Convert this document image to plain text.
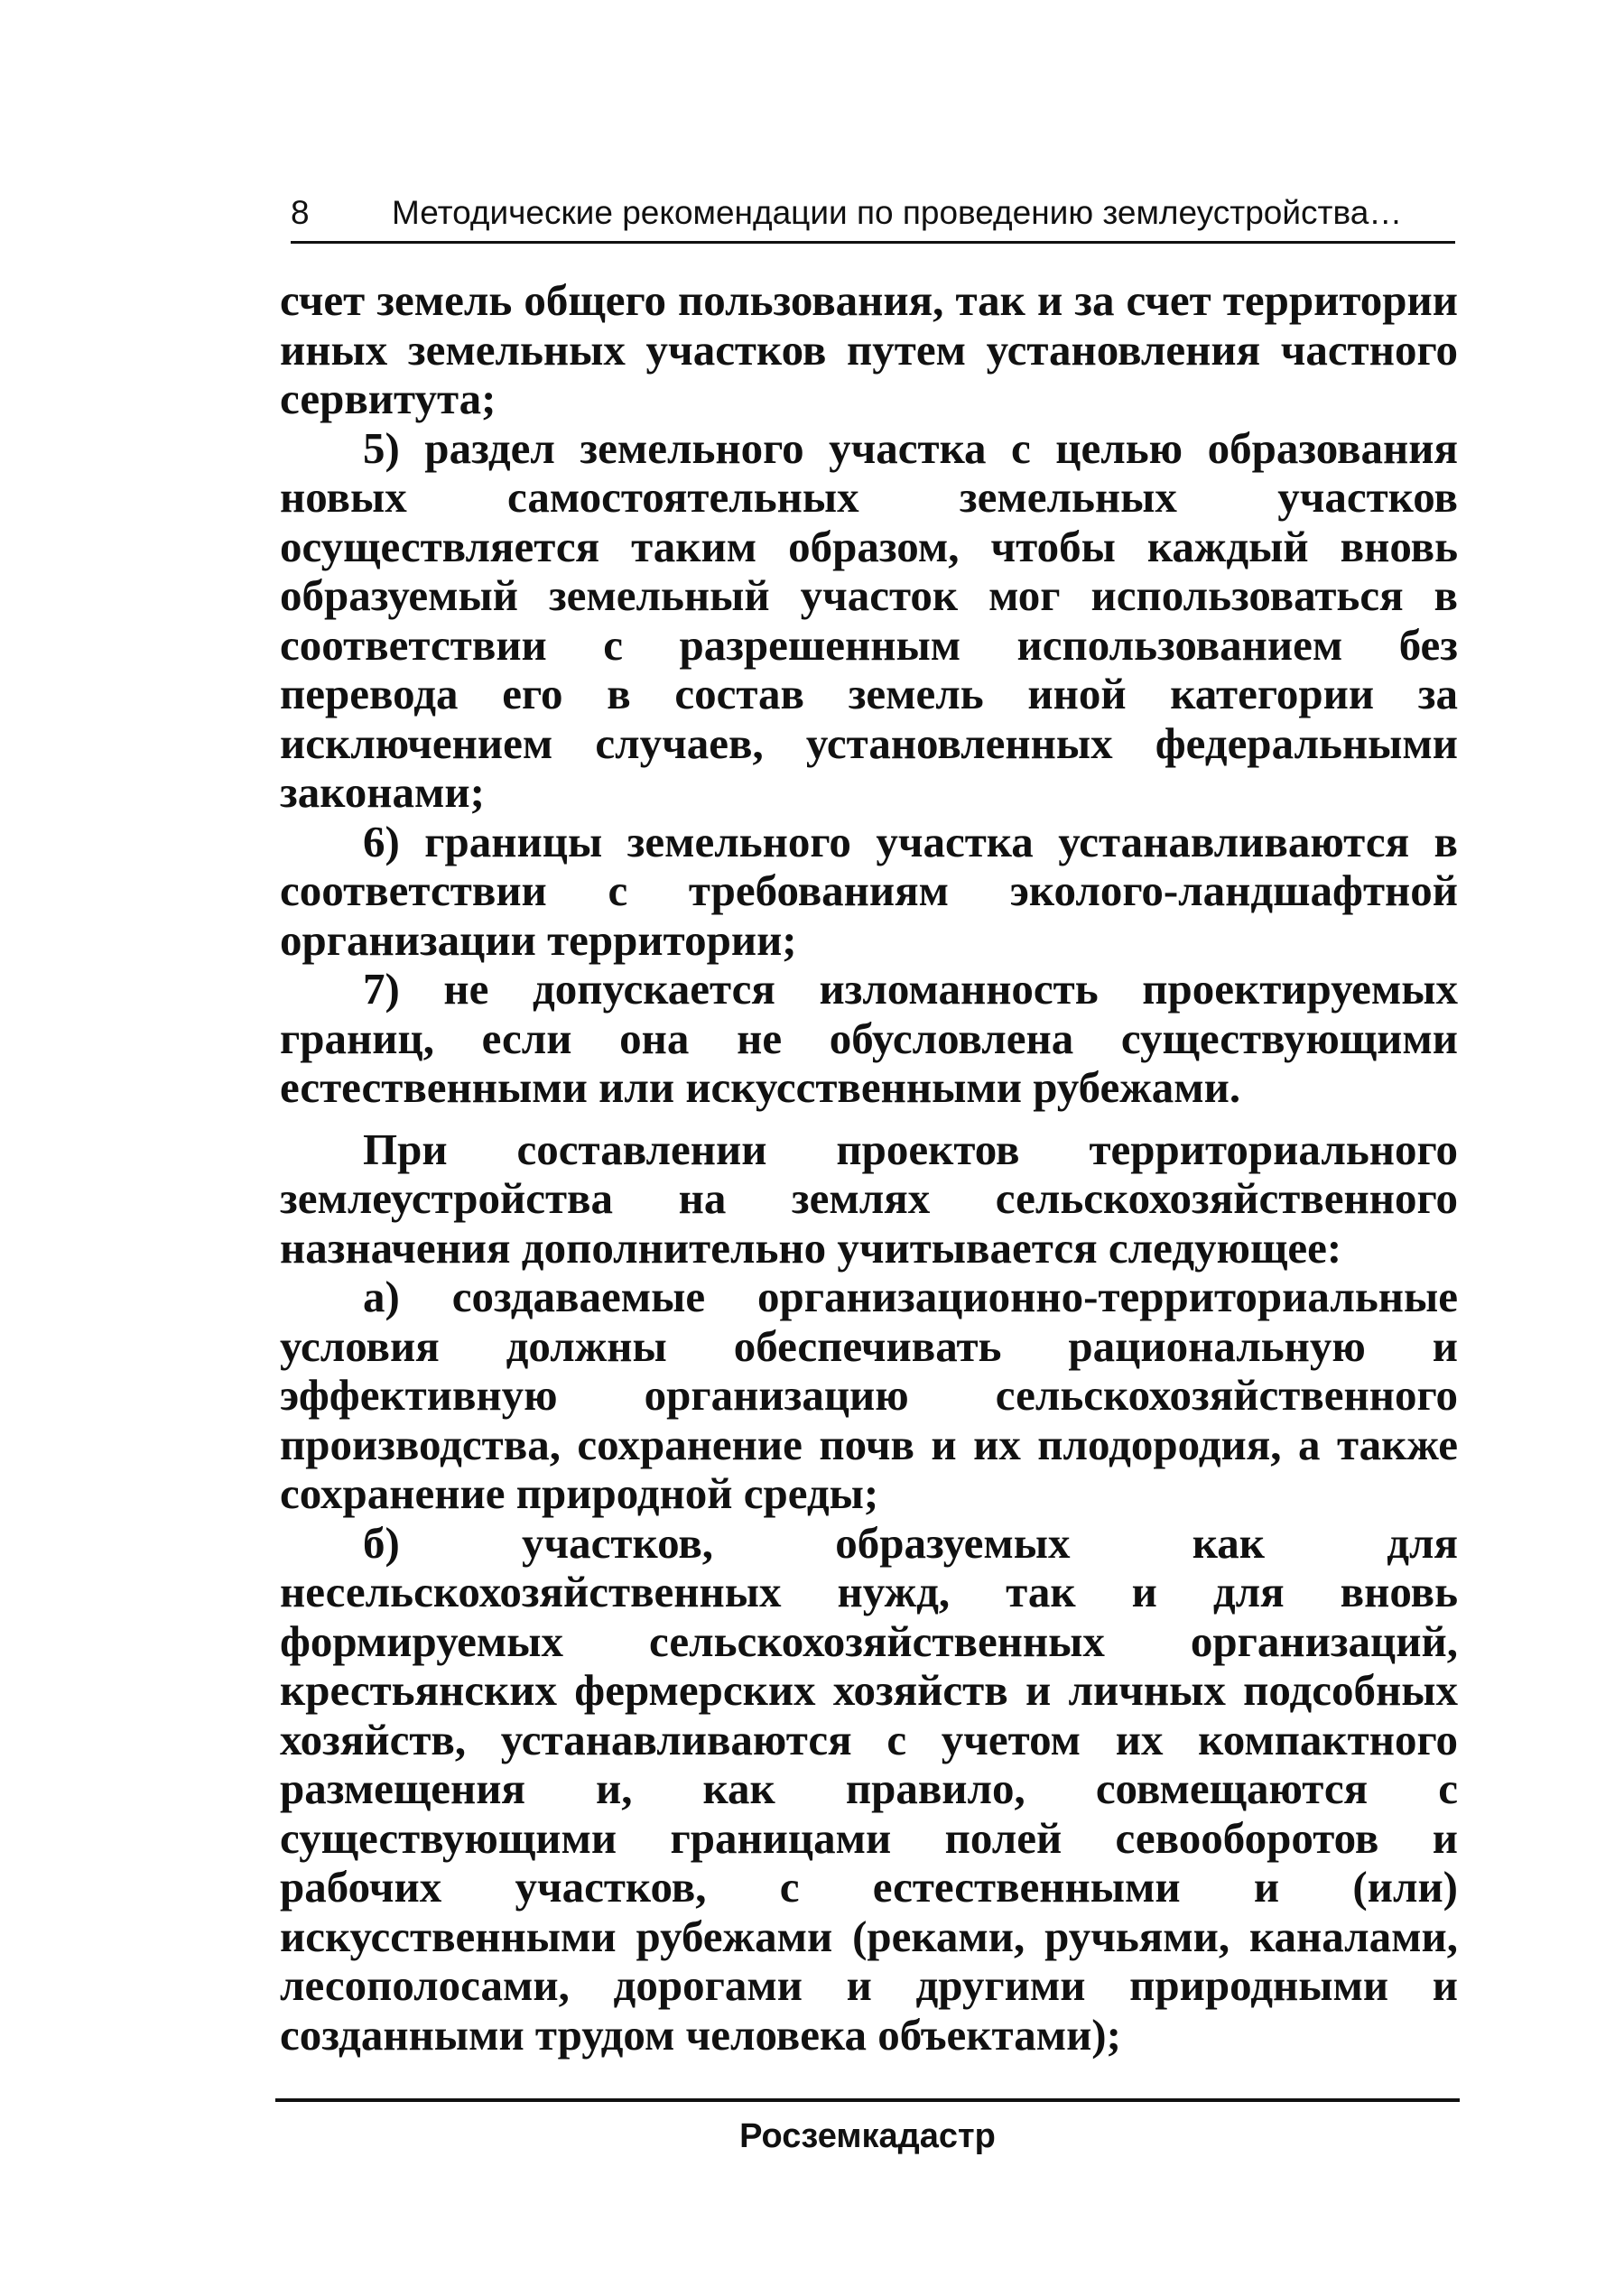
8 Методические рекомендации по проведению землеустройства…

счет земель общего пользования, так и за счет территории иных земельных участков путем установления частного сервитута;

5) раздел земельного участка с целью образования новых самостоятельных земельных участков осуществляется таким образом, чтобы каждый вновь образуемый земельный участок мог использоваться в соответствии с разрешенным использованием без перевода его в состав земель иной категории за исключением случаев, установленных федеральными законами;

6) границы земельного участка устанавливаются в соответствии с требованиям эколого-ландшафтной организации территории;

7) не допускается изломанность проектируемых границ, если она не обусловлена существующими естественными или искусственными рубежами.

При составлении проектов территориального землеустройства на землях сельскохозяйственного назначения дополнительно учитывается следующее:

а) создаваемые организационно-территориальные условия должны обеспечивать рациональную и эффективную организацию сельскохозяйственного производства, сохранение почв и их плодородия, а также сохранение природной среды;

б) участков, образуемых как для несельскохозяйственных нужд, так и для вновь формируемых сельскохозяйственных организаций, крестьянских фермерских хозяйств и личных подсобных хозяйств, устанавливаются с учетом их компактного размещения и, как правило, совмещаются с существующими границами полей севооборотов и рабочих участков, с естественными и (или) искусственными рубежами (реками, ручьями, каналами, лесополосами, дорогами и другими природными и созданными трудом человека объектами);

Росземкадастр
